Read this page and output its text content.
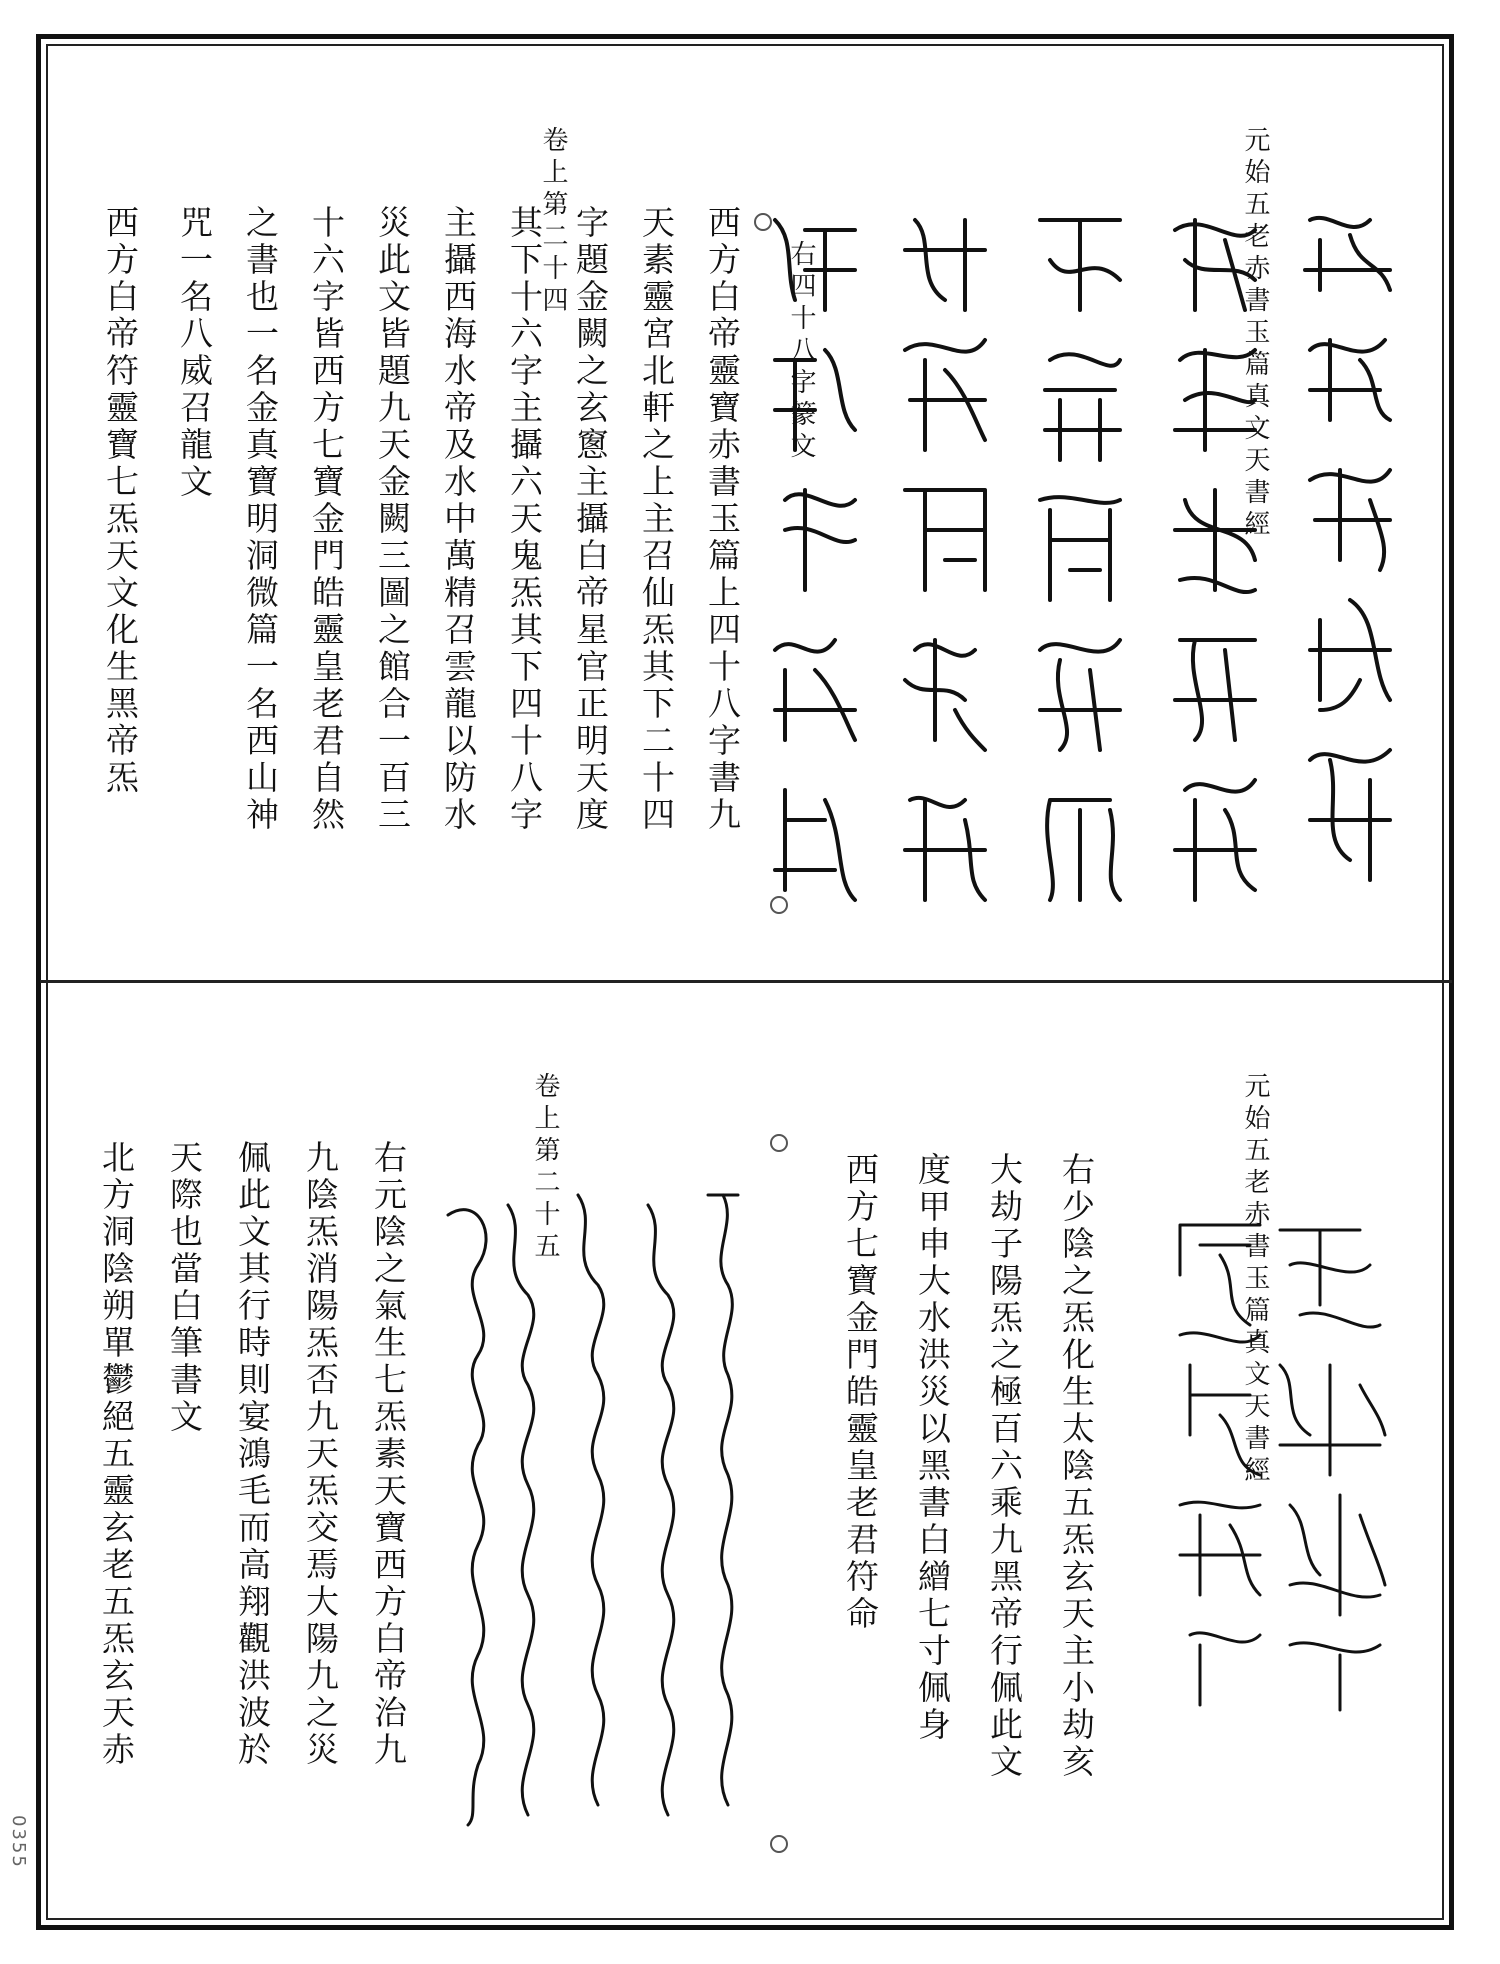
元始五老赤書玉篇真文天書經
卷上第二十四
右四十八字篆文
西方白帝靈寶赤書玉篇上四十八字書九
天素靈宮北軒之上主召仙炁其下二十四
字題金闕之玄窻主攝白帝星官正明天度
其下十六字主攝六天鬼炁其下四十八字
主攝西海水帝及水中萬精召雲龍以防水
災此文皆題九天金闕三圖之館合一百三
十六字皆西方七寶金門皓靈皇老君自然
之書也一名金真寶明洞微篇一名西山神
咒一名八威召龍文
西方白帝符靈寶七炁天文化生黑帝炁
元始五老赤書玉篇真文天書經
卷上第二十五	右少陰之炁化生太陰五炁玄天主小劫亥
大劫子陽炁之極百六乘九黑帝行佩此文
度甲申大水洪災以黑書白繒七寸佩身
西方七寶金門皓靈皇老君符命
右元陰之氣生七炁素天寶西方白帝治九
九陰炁消陽炁否九天炁交焉大陽九之災
佩此文其行時則宴鴻毛而高翔觀洪波於
天際也當白筆書文
北方洞陰朔單鬱絕五靈玄老五炁玄天赤
0355
